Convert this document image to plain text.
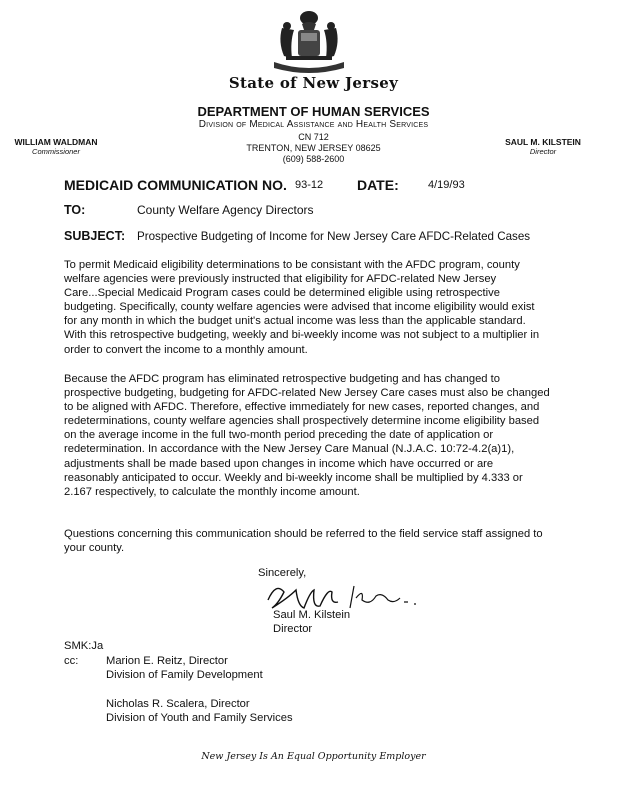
State of New Jersey
DEPARTMENT OF HUMAN SERVICES
Division of Medical Assistance and Health Services
CN 712
TRENTON, NEW JERSEY 08625
(609) 588-2600
WILLIAM WALDMAN
Commissioner
SAUL M. KILSTEIN
Director
MEDICAID COMMUNICATION NO. 93-12 DATE:	4/19/93
TO:	County Welfare Agency Directors
SUBJECT: Prospective Budgeting of Income for New Jersey Care AFDC-Related Cases
To permit Medicaid eligibility determinations to be consistant with the AFDC program, county welfare agencies were previously instructed that eligibility for AFDC-related New Jersey Care...Special Medicaid Program cases could be determined eligible using retrospective budgeting. Specifically, county welfare agencies were advised that income eligibility would exist for any month in which the budget unit's actual income was less than the applicable standard. With this retrospective budgeting, weekly and bi-weekly income was not subject to a multiplier in order to convert the income to a monthly amount.
Because the AFDC program has eliminated retrospective budgeting and has changed to prospective budgeting, budgeting for AFDC-related New Jersey Care cases must also be changed to be aligned with AFDC. Therefore, effective immediately for new cases, reported changes, and redeterminations, county welfare agencies shall prospectively determine income eligibility based on the average income in the full two-month period preceding the date of application or redetermination. In accordance with the New Jersey Care Manual (N.J.A.C. 10:72-4.2(a)1), adjustments shall be made based upon changes in income which have occurred or are reasonably anticipated to occur. Weekly and bi-weekly income shall be multiplied by 4.333 or 2.167 respectively, to calculate the monthly income amount.
Questions concerning this communication should be referred to the field service staff assigned to your county.
Sincerely,
Saul M. Kilstein
Director
SMK:Ja
cc: Marion E. Reitz, Director
Division of Family Development
Nicholas R. Scalera, Director
Division of Youth and Family Services
New Jersey Is An Equal Opportunity Employer
